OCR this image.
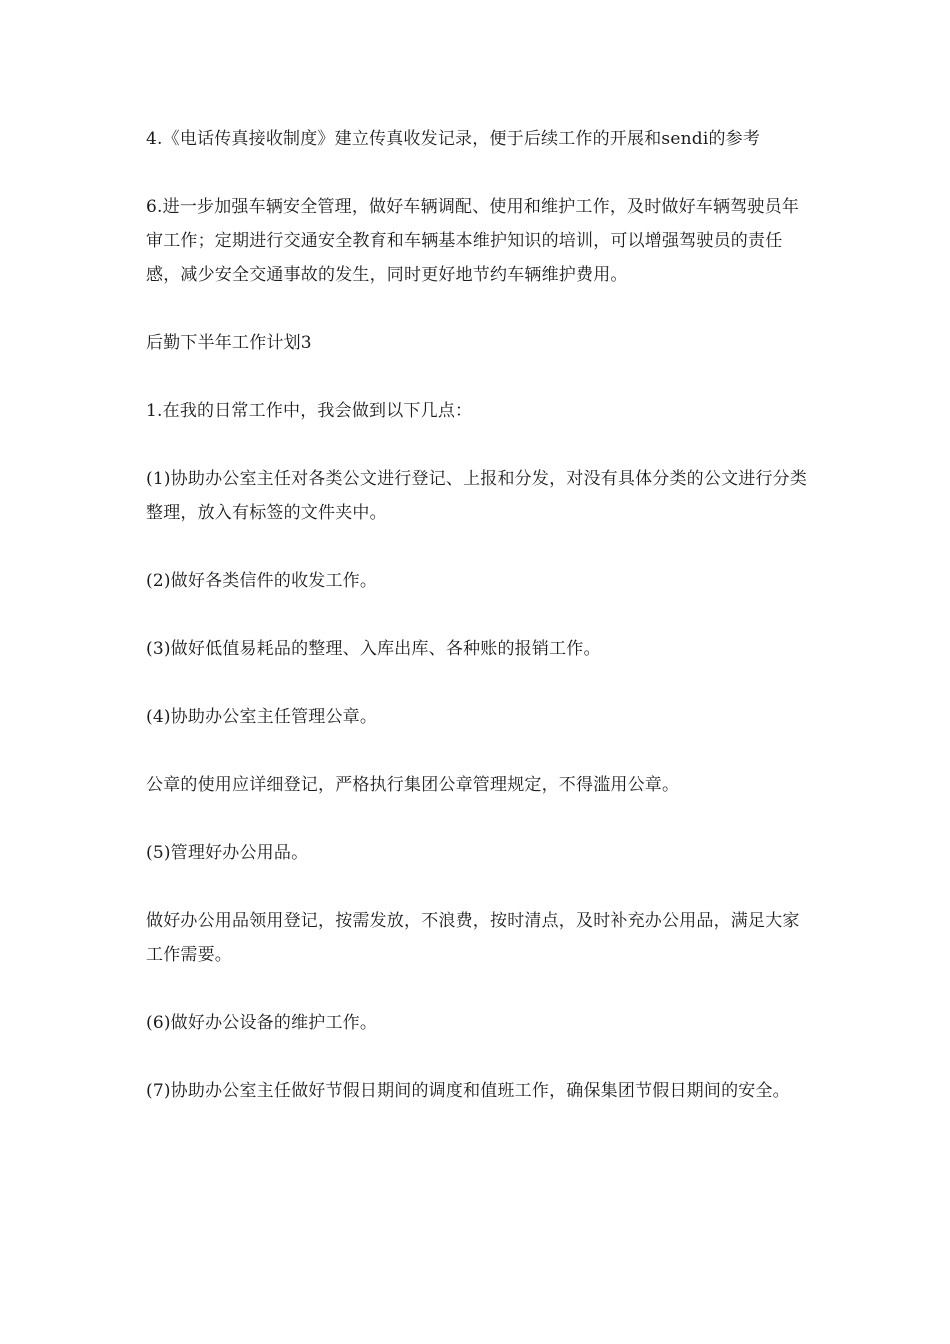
4.《电话传真接收制度》建立传真收发记录，便于后续工作的开展和sendi的参考

6.进一步加强车辆安全管理，做好车辆调配、使用和维护工作，及时做好车辆驾驶员年审工作；定期进行交通安全教育和车辆基本维护知识的培训，可以增强驾驶员的责任感，减少安全交通事故的发生，同时更好地节约车辆维护费用。

后勤下半年工作计划3

1.在我的日常工作中，我会做到以下几点：

(1)协助办公室主任对各类公文进行登记、上报和分发，对没有具体分类的公文进行分类整理，放入有标签的文件夹中。

(2)做好各类信件的收发工作。

(3)做好低值易耗品的整理、入库出库、各种账的报销工作。

(4)协助办公室主任管理公章。

公章的使用应详细登记，严格执行集团公章管理规定，不得滥用公章。

(5)管理好办公用品。

做好办公用品领用登记，按需发放，不浪费，按时清点，及时补充办公用品，满足大家工作需要。

(6)做好办公设备的维护工作。

(7)协助办公室主任做好节假日期间的调度和值班工作，确保集团节假日期间的安全。
